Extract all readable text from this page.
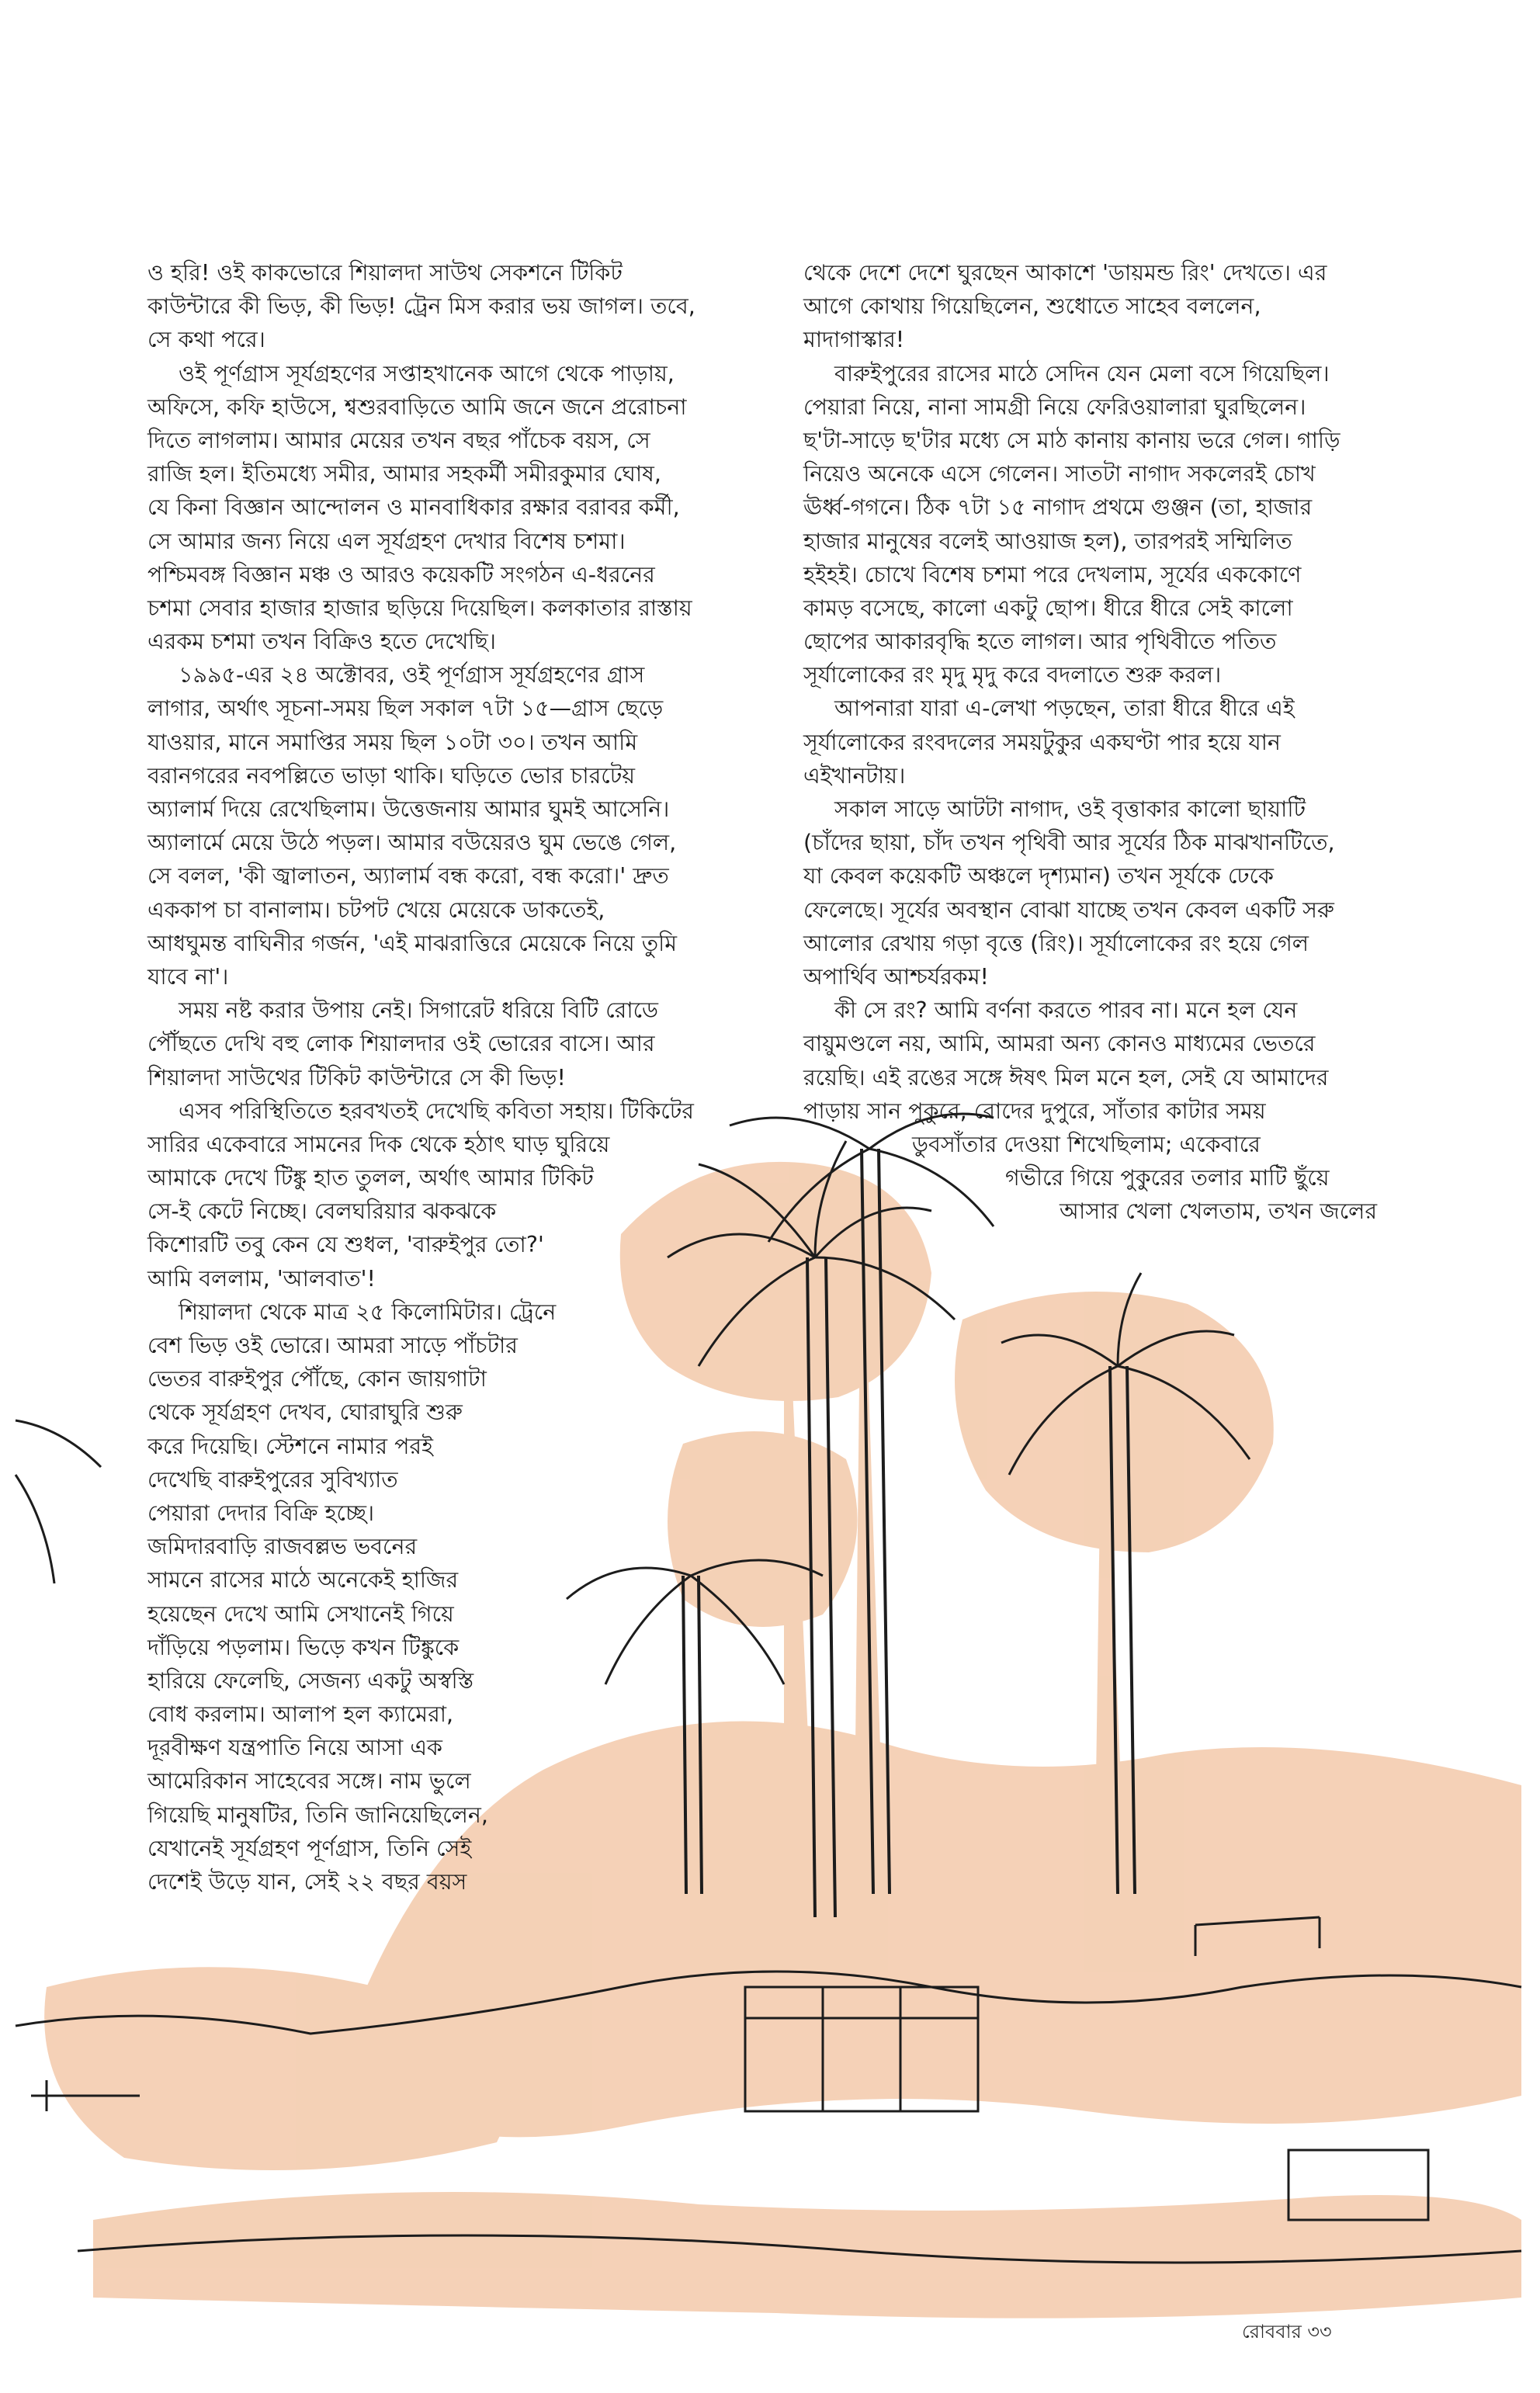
ও হরি! ওই কাকভোরে শিয়ালদা সাউথ সেকশনে টিকিট
কাউন্টারে কী ভিড়, কী ভিড়! ট্রেন মিস করার ভয় জাগল। তবে,
সে কথা পরে।
ওই পূর্ণগ্রাস সূর্যগ্রহণের সপ্তাহখানেক আগে থেকে পাড়ায়,
অফিসে, কফি হাউসে, শ্বশুরবাড়িতে আমি জনে জনে প্ররোচনা
দিতে লাগলাম। আমার মেয়ের তখন বছর পাঁচেক বয়স, সে
রাজি হল। ইতিমধ্যে সমীর, আমার সহকর্মী সমীরকুমার ঘোষ,
যে কিনা বিজ্ঞান আন্দোলন ও মানবাধিকার রক্ষার বরাবর কর্মী,
সে আমার জন্য নিয়ে এল সূর্যগ্রহণ দেখার বিশেষ চশমা।
পশ্চিমবঙ্গ বিজ্ঞান মঞ্চ ও আরও কয়েকটি সংগঠন এ-ধরনের
চশমা সেবার হাজার হাজার ছড়িয়ে দিয়েছিল। কলকাতার রাস্তায়
এরকম চশমা তখন বিক্রিও হতে দেখেছি।
১৯৯৫-এর ২৪ অক্টোবর, ওই পূর্ণগ্রাস সূর্যগ্রহণের গ্রাস
লাগার, অর্থাৎ সূচনা-সময় ছিল সকাল ৭টা ১৫—গ্রাস ছেড়ে
যাওয়ার, মানে সমাপ্তির সময় ছিল ১০টা ৩০। তখন আমি
বরানগরের নবপল্লিতে ভাড়া থাকি। ঘড়িতে ভোর চারটেয়
অ্যালার্ম দিয়ে রেখেছিলাম। উত্তেজনায় আমার ঘুমই আসেনি।
অ্যালার্মে মেয়ে উঠে পড়ল। আমার বউয়েরও ঘুম ভেঙে গেল,
সে বলল, 'কী জ্বালাতন, অ্যালার্ম বন্ধ করো, বন্ধ করো।' দ্রুত
এককাপ চা বানালাম। চটপট খেয়ে মেয়েকে ডাকতেই,
আধঘুমন্ত বাঘিনীর গর্জন, 'এই মাঝরাত্তিরে মেয়েকে নিয়ে তুমি
যাবে না'।
সময় নষ্ট করার উপায় নেই। সিগারেট ধরিয়ে বিটি রোডে
পৌঁছতে দেখি বহু লোক শিয়ালদার ওই ভোরের বাসে। আর
শিয়ালদা সাউথের টিকিট কাউন্টারে সে কী ভিড়!
এসব পরিস্থিতিতে হরবখতই দেখেছি কবিতা সহায়। টিকিটের
সারির একেবারে সামনের দিক থেকে হঠাৎ ঘাড় ঘুরিয়ে
আমাকে দেখে টিঙ্কু হাত তুলল, অর্থাৎ আমার টিকিট
সে-ই কেটে নিচ্ছে। বেলঘরিয়ার ঝকঝকে
কিশোরটি তবু কেন যে শুধল, 'বারুইপুর তো?'
আমি বললাম, 'আলবাত'!
শিয়ালদা থেকে মাত্র ২৫ কিলোমিটার। ট্রেনে
বেশ ভিড় ওই ভোরে। আমরা সাড়ে পাঁচটার
ভেতর বারুইপুর পৌঁছে, কোন জায়গাটা
থেকে সূর্যগ্রহণ দেখব, ঘোরাঘুরি শুরু
করে দিয়েছি। স্টেশনে নামার পরই
দেখেছি বারুইপুরের সুবিখ্যাত
পেয়ারা দেদার বিক্রি হচ্ছে।
জমিদারবাড়ি রাজবল্লভ ভবনের
সামনে রাসের মাঠে অনেকেই হাজির
হয়েছেন দেখে আমি সেখানেই গিয়ে
দাঁড়িয়ে পড়লাম। ভিড়ে কখন টিঙ্কুকে
হারিয়ে ফেলেছি, সেজন্য একটু অস্বস্তি
বোধ করলাম। আলাপ হল ক্যামেরা,
দূরবীক্ষণ যন্ত্রপাতি নিয়ে আসা এক
আমেরিকান সাহেবের সঙ্গে। নাম ভুলে
গিয়েছি মানুষটির, তিনি জানিয়েছিলেন,
যেখানেই সূর্যগ্রহণ পূর্ণগ্রাস, তিনি সেই
দেশেই উড়ে যান, সেই ২২ বছর বয়স
থেকে দেশে দেশে ঘুরছেন আকাশে 'ডায়মন্ড রিং' দেখতে। এর
আগে কোথায় গিয়েছিলেন, শুধোতে সাহেব বললেন,
মাদাগাস্কার!
বারুইপুরের রাসের মাঠে সেদিন যেন মেলা বসে গিয়েছিল।
পেয়ারা নিয়ে, নানা সামগ্রী নিয়ে ফেরিওয়ালারা ঘুরছিলেন।
ছ'টা-সাড়ে ছ'টার মধ্যে সে মাঠ কানায় কানায় ভরে গেল। গাড়ি
নিয়েও অনেকে এসে গেলেন। সাতটা নাগাদ সকলেরই চোখ
ঊর্ধ্ব-গগনে। ঠিক ৭টা ১৫ নাগাদ প্রথমে গুঞ্জন (তা, হাজার
হাজার মানুষের বলেই আওয়াজ হল), তারপরই সম্মিলিত
হইহই। চোখে বিশেষ চশমা পরে দেখলাম, সূর্যের এককোণে
কামড় বসেছে, কালো একটু ছোপ। ধীরে ধীরে সেই কালো
ছোপের আকারবৃদ্ধি হতে লাগল। আর পৃথিবীতে পতিত
সূর্যালোকের রং মৃদু মৃদু করে বদলাতে শুরু করল।
আপনারা যারা এ-লেখা পড়ছেন, তারা ধীরে ধীরে এই
সূর্যালোকের রংবদলের সময়টুকুর একঘণ্টা পার হয়ে যান
এইখানটায়।
সকাল সাড়ে আটটা নাগাদ, ওই বৃত্তাকার কালো ছায়াটি
(চাঁদের ছায়া, চাঁদ তখন পৃথিবী আর সূর্যের ঠিক মাঝখানটিতে,
যা কেবল কয়েকটি অঞ্চলে দৃশ্যমান) তখন সূর্যকে ঢেকে
ফেলেছে। সূর্যের অবস্থান বোঝা যাচ্ছে তখন কেবল একটি সরু
আলোর রেখায় গড়া বৃত্তে (রিং)। সূর্যালোকের রং হয়ে গেল
অপার্থিব আশ্চর্যরকম!
কী সে রং? আমি বর্ণনা করতে পারব না। মনে হল যেন
বায়ুমণ্ডলে নয়, আমি, আমরা অন্য কোনও মাধ্যমের ভেতরে
রয়েছি। এই রঙের সঙ্গে ঈষৎ মিল মনে হল, সেই যে আমাদের
পাড়ায় সান পুকুরে, রোদের দুপুরে, সাঁতার কাটার সময়
ডুবসাঁতার দেওয়া শিখেছিলাম; একেবারে
গভীরে গিয়ে পুকুরের তলার মাটি ছুঁয়ে
আসার খেলা খেলতাম, তখন জলের
রোববার ৩৩
